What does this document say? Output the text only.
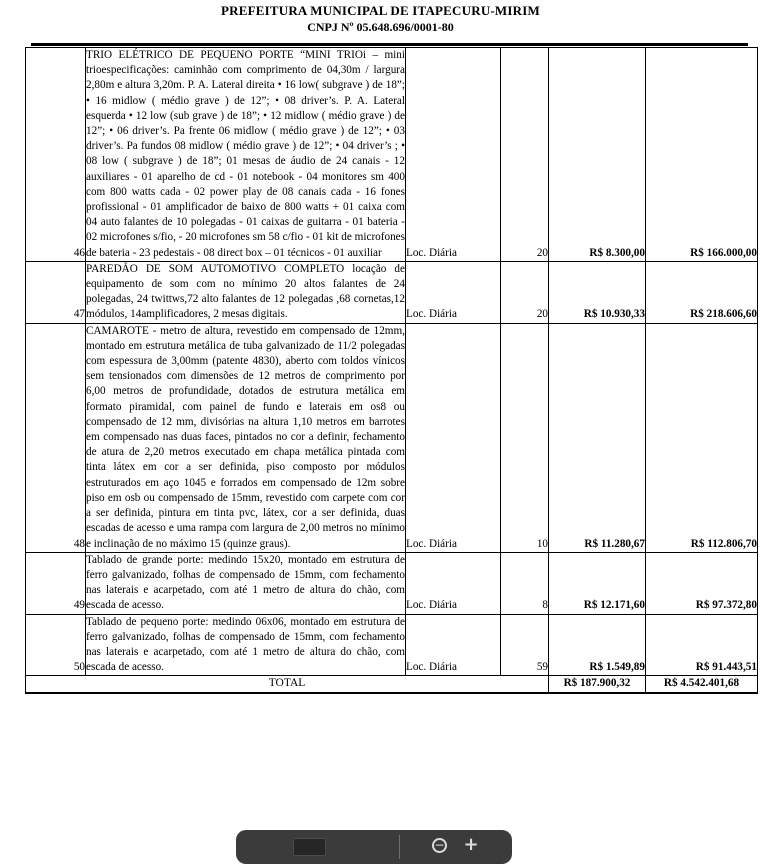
PREFEITURA MUNICIPAL DE ITAPECURU-MIRIM
CNPJ Nº 05.648.696/0001-80
46	TRIO ELÉTRICO DE PEQUENO PORTE “MINI TRIOi – mini trioespecificações: caminhão com comprimento de 04,30m / largura 2,80m e altura 3,20m. P. A. Lateral direita • 16 low( subgrave ) de 18”; • 16 midlow ( médio grave ) de 12”; • 08 driver’s. P. A. Lateral esquerda • 12 low (sub grave ) de 18”; • 12 midlow ( médio grave ) de 12”; • 06 driver’s. Pa frente 06 midlow ( médio grave ) de 12”; • 03 driver’s. Pa fundos 08 midlow ( médio grave ) de 12”; • 04 driver’s ; • 08 low ( subgrave ) de 18”; 01 mesas de áudio de 24 canais - 12 auxiliares - 01 aparelho de cd - 01 notebook - 04 monitores sm 400 com 800 watts cada - 02 power play de 08 canais cada - 16 fones profissional - 01 amplificador de baixo de 800 watts + 01 caixa com 04 auto falantes de 10 polegadas - 01 caixas de guitarra - 01 bateria - 02 microfones s/fio, - 20 microfones sm 58 c/fio - 01 kit de microfones de bateria - 23 pedestais - 08 direct box – 01 técnicos - 01 auxiliar	Loc. Diária	20	R$ 8.300,00	R$ 166.000,00
47	PAREDÃO DE SOM AUTOMOTIVO COMPLETO locação de equipamento de som com no mínimo 20 altos falantes de 24 polegadas, 24 twittws,72 alto falantes de 12 polegadas ,68 cornetas,12 módulos, 14amplificadores, 2 mesas digitais.	Loc. Diária	20	R$ 10.930,33	R$ 218.606,60
48	CAMAROTE - metro de altura, revestido em compensado de 12mm, montado em estrutura metálica de tuba galvanizado de 11/2 polegadas com espessura de 3,00mm (patente 4830), aberto com toldos vínicos sem tensionados com dimensões de 12 metros de comprimento por 6,00 metros de profundidade, dotados de estrutura metálica em formato piramidal, com painel de fundo e laterais em os8 ou compensado de 12 mm, divisórias na altura 1,10 metros em barrotes em compensado nas duas faces, pintados no cor a definir, fechamento de atura de 2,20 metros executado em chapa metálica pintada com tinta látex em cor a ser definida, piso composto por módulos estruturados em aço 1045 e forrados em compensado de 12m sobre piso em osb ou compensado de 15mm, revestido com carpete com cor a ser definida, pintura em tinta pvc, látex, cor a ser definida, duas escadas de acesso e uma rampa com largura de 2,00 metros no mínimo e inclinação de no máximo 15 (quinze graus).	Loc. Diária	10	R$ 11.280,67	R$ 112.806,70
49	Tablado de grande porte: medindo 15x20, montado em estrutura de ferro galvanizado, folhas de compensado de 15mm, com fechamento nas laterais e acarpetado, com até 1 metro de altura do chão, com escada de acesso.	Loc. Diária	8	R$ 12.171,60	R$ 97.372,80
50	Tablado de pequeno porte: medindo 06x06, montado em estrutura de ferro galvanizado, folhas de compensado de 15mm, com fechamento nas laterais e acarpetado, com até 1 metro de altura do chão, com escada de acesso.	Loc. Diária	59	R$ 1.549,89	R$ 91.443,51
TOTAL				R$ 187.900,32	R$ 4.542.401,68
− +
